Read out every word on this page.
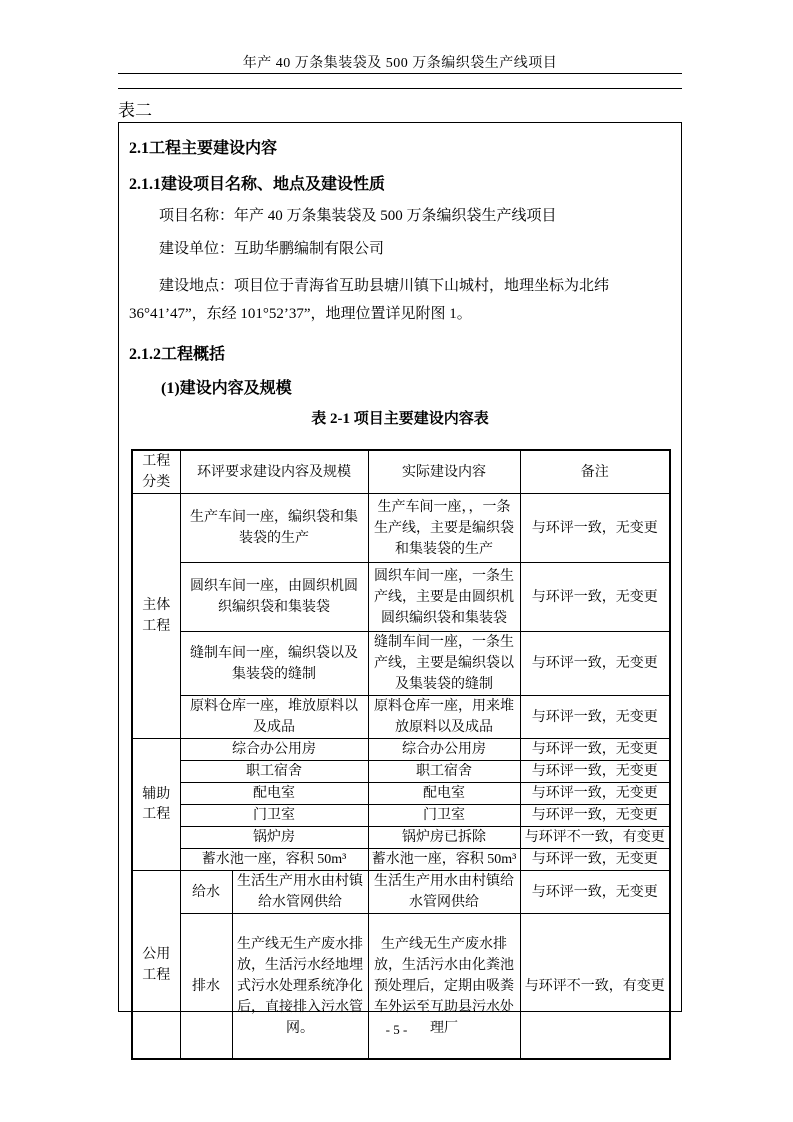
年产 40 万条集装袋及 500 万条编织袋生产线项目
表二
2.1工程主要建设内容
2.1.1建设项目名称、地点及建设性质
项目名称：年产 40 万条集装袋及 500 万条编织袋生产线项目
建设单位：互助华鹏编制有限公司
建设地点：项目位于青海省互助县塘川镇下山城村，地理坐标为北纬 36°41’47”，东经 101°52’37”，地理位置详见附图 1。
2.1.2工程概括
(1)建设内容及规模
表 2-1 项目主要建设内容表
工程分类	环评要求建设内容及规模		实际建设内容	备注
主体工程	生产车间一座，编织袋和集装袋的生产		生产车间一座，，一条生产线，主要是编织袋和集装袋的生产	与环评一致，无变更
	圆织车间一座，由圆织机圆织编织袋和集装袋		圆织车间一座，一条生产线，主要是由圆织机圆织编织袋和集装袋	与环评一致，无变更
	缝制车间一座，编织袋以及集装袋的缝制		缝制车间一座，一条生产线，主要是编织袋以及集装袋的缝制	与环评一致，无变更
	原料仓库一座，堆放原料以及成品		原料仓库一座，用来堆放原料以及成品	与环评一致，无变更
辅助工程	综合办公用房		综合办公用房	与环评一致，无变更
	职工宿舍		职工宿舍	与环评一致，无变更
	配电室		配电室	与环评一致，无变更
	门卫室		门卫室	与环评一致，无变更
	锅炉房		锅炉房已拆除	与环评不一致，有变更
	蓄水池一座，容积 50m³		蓄水池一座，容积 50m³	与环评一致，无变更
公用工程	给水	生活生产用水由村镇给水管网供给	生活生产用水由村镇给水管网供给	与环评一致，无变更
	排水	生产线无生产废水排放，生活污水经地埋式污水处理系统净化后，直接排入污水管网。	生产线无生产废水排放，生活污水由化粪池预处理后，定期由吸粪车外运至互助县污水处理厂	与环评不一致，有变更
- 5 -
